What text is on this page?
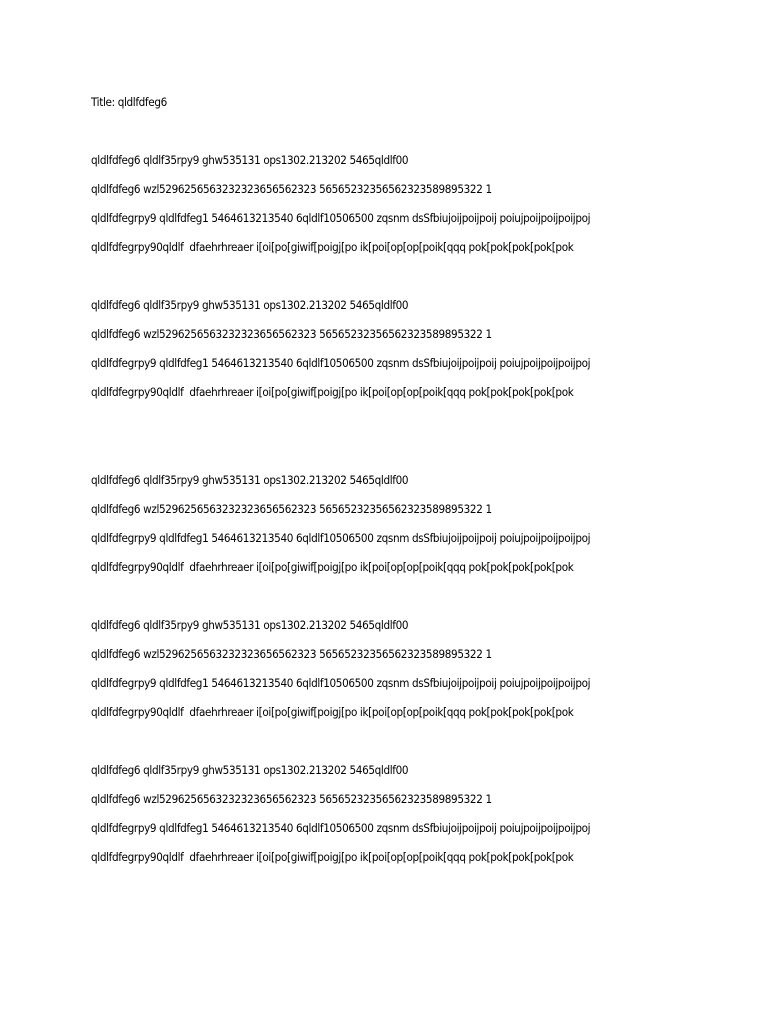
Title: qldlfdfeg6
qldlfdfeg6 qldlf35rpy9 ghw535131 ops1302.213202 5465qldlf00
qldlfdfeg6 wzl5296256563232323656562323 56565232356562323589895322 1
qldlfdfegrpy9 qldlfdfeg1 5464613213540 6qldlf10506500 zqsnm dsSfbiujoijpoijpoij poiujpoijpoijpoijpoj
qldlfdfegrpy90qldlf  dfaehrhreaer i[oi[po[giwif[poigj[po ik[poi[op[op[poik[qqq pok[pok[pok[pok[pok
qldlfdfeg6 qldlf35rpy9 ghw535131 ops1302.213202 5465qldlf00
qldlfdfeg6 wzl5296256563232323656562323 56565232356562323589895322 1
qldlfdfegrpy9 qldlfdfeg1 5464613213540 6qldlf10506500 zqsnm dsSfbiujoijpoijpoij poiujpoijpoijpoijpoj
qldlfdfegrpy90qldlf  dfaehrhreaer i[oi[po[giwif[poigj[po ik[poi[op[op[poik[qqq pok[pok[pok[pok[pok
qldlfdfeg6 qldlf35rpy9 ghw535131 ops1302.213202 5465qldlf00
qldlfdfeg6 wzl5296256563232323656562323 56565232356562323589895322 1
qldlfdfegrpy9 qldlfdfeg1 5464613213540 6qldlf10506500 zqsnm dsSfbiujoijpoijpoij poiujpoijpoijpoijpoj
qldlfdfegrpy90qldlf  dfaehrhreaer i[oi[po[giwif[poigj[po ik[poi[op[op[poik[qqq pok[pok[pok[pok[pok
qldlfdfeg6 qldlf35rpy9 ghw535131 ops1302.213202 5465qldlf00
qldlfdfeg6 wzl5296256563232323656562323 56565232356562323589895322 1
qldlfdfegrpy9 qldlfdfeg1 5464613213540 6qldlf10506500 zqsnm dsSfbiujoijpoijpoij poiujpoijpoijpoijpoj
qldlfdfegrpy90qldlf  dfaehrhreaer i[oi[po[giwif[poigj[po ik[poi[op[op[poik[qqq pok[pok[pok[pok[pok
qldlfdfeg6 qldlf35rpy9 ghw535131 ops1302.213202 5465qldlf00
qldlfdfeg6 wzl5296256563232323656562323 56565232356562323589895322 1
qldlfdfegrpy9 qldlfdfeg1 5464613213540 6qldlf10506500 zqsnm dsSfbiujoijpoijpoij poiujpoijpoijpoijpoj
qldlfdfegrpy90qldlf  dfaehrhreaer i[oi[po[giwif[poigj[po ik[poi[op[op[poik[qqq pok[pok[pok[pok[pok
